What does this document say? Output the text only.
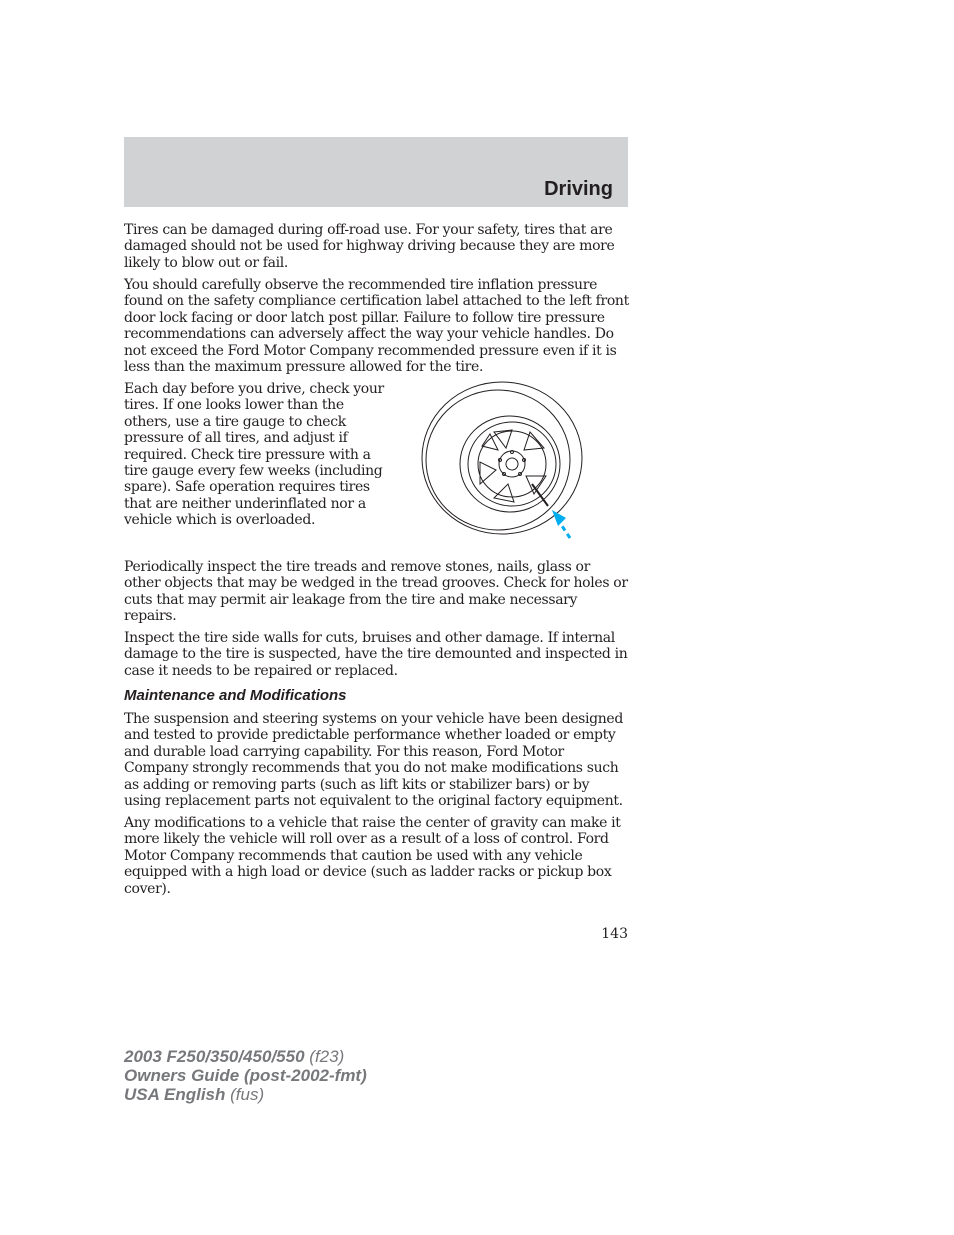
Driving

Tires can be damaged during off-road use. For your safety, tires that are damaged should not be used for highway driving because they are more likely to blow out or fail.

You should carefully observe the recommended tire inflation pressure found on the safety compliance certification label attached to the left front door lock facing or door latch post pillar. Failure to follow tire pressure recommendations can adversely affect the way your vehicle handles. Do not exceed the Ford Motor Company recommended pressure even if it is less than the maximum pressure allowed for the tire.

Each day before you drive, check your tires. If one looks lower than the others, use a tire gauge to check pressure of all tires, and adjust if required. Check tire pressure with a tire gauge every few weeks (including spare). Safe operation requires tires that are neither underinflated nor a vehicle which is overloaded.

Periodically inspect the tire treads and remove stones, nails, glass or other objects that may be wedged in the tread grooves. Check for holes or cuts that may permit air leakage from the tire and make necessary repairs.

Inspect the tire side walls for cuts, bruises and other damage. If internal damage to the tire is suspected, have the tire demounted and inspected in case it needs to be repaired or replaced.

Maintenance and Modifications

The suspension and steering systems on your vehicle have been designed and tested to provide predictable performance whether loaded or empty and durable load carrying capability. For this reason, Ford Motor Company strongly recommends that you do not make modifications such as adding or removing parts (such as lift kits or stabilizer bars) or by using replacement parts not equivalent to the original factory equipment.

Any modifications to a vehicle that raise the center of gravity can make it more likely the vehicle will roll over as a result of a loss of control. Ford Motor Company recommends that caution be used with any vehicle equipped with a high load or device (such as ladder racks or pickup box cover).

143
2003 F250/350/450/550 (f23)
Owners Guide (post-2002-fmt)
USA English (fus)
